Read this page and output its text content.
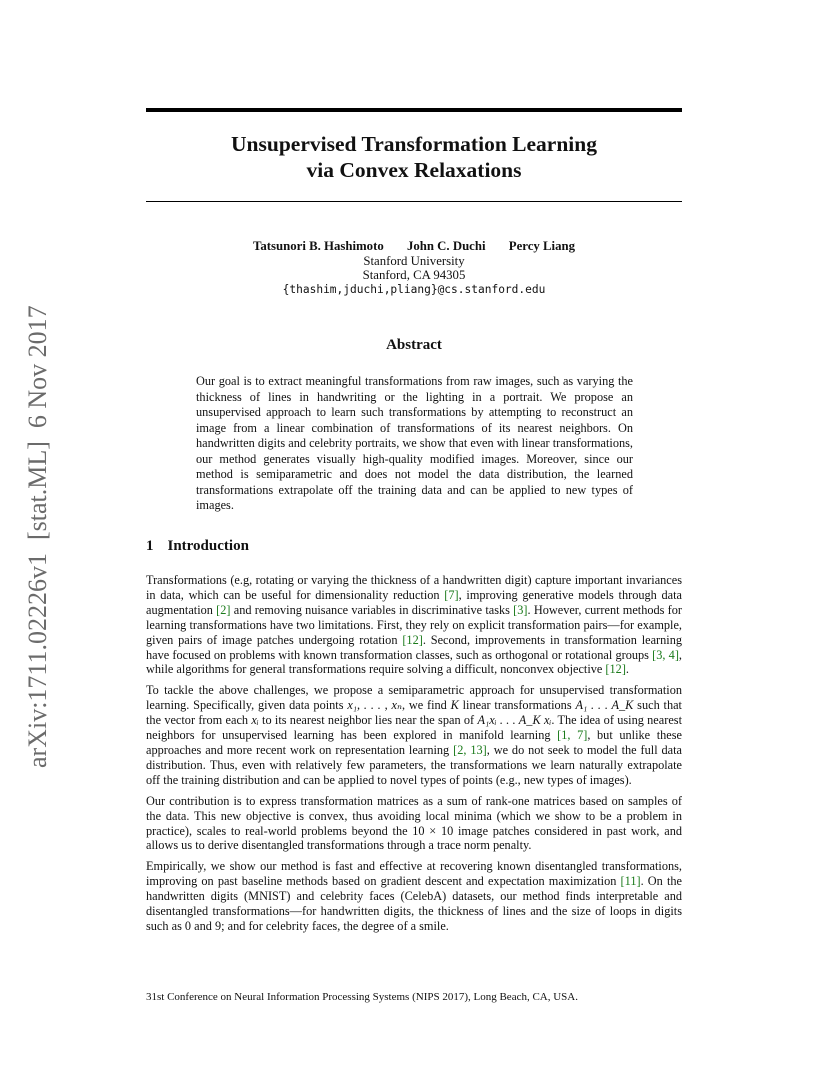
arXiv:1711.02226v1  [stat.ML]  6 Nov 2017
Unsupervised Transformation Learning
via Convex Relaxations
Tatsunori B. Hashimoto John C. Duchi Percy Liang
Stanford University
Stanford, CA 94305
{thashim,jduchi,pliang}@cs.stanford.edu
Abstract
Our goal is to extract meaningful transformations from raw images, such as varying the thickness of lines in handwriting or the lighting in a portrait. We propose an unsupervised approach to learn such transformations by attempting to reconstruct an image from a linear combination of transformations of its nearest neighbors. On handwritten digits and celebrity portraits, we show that even with linear transformations, our method generates visually high-quality modified images. Moreover, since our method is semiparametric and does not model the data distribution, the learned transformations extrapolate off the training data and can be applied to new types of images.
1 Introduction

Transformations (e.g, rotating or varying the thickness of a handwritten digit) capture important invariances in data, which can be useful for dimensionality reduction [7], improving generative models through data augmentation [2] and removing nuisance variables in discriminative tasks [3]. However, current methods for learning transformations have two limitations. First, they rely on explicit transformation pairs—for example, given pairs of image patches undergoing rotation [12]. Second, improvements in transformation learning have focused on problems with known transformation classes, such as orthogonal or rotational groups [3, 4], while algorithms for general transformations require solving a difficult, nonconvex objective [12].

To tackle the above challenges, we propose a semiparametric approach for unsupervised transformation learning. Specifically, given data points x₁, . . . , xₙ, we find K linear transformations A₁ . . . A_K such that the vector from each xᵢ to its nearest neighbor lies near the span of A₁xᵢ . . . A_K xᵢ. The idea of using nearest neighbors for unsupervised learning has been explored in manifold learning [1, 7], but unlike these approaches and more recent work on representation learning [2, 13], we do not seek to model the full data distribution. Thus, even with relatively few parameters, the transformations we learn naturally extrapolate off the training distribution and can be applied to novel types of points (e.g., new types of images).

Our contribution is to express transformation matrices as a sum of rank-one matrices based on samples of the data. This new objective is convex, thus avoiding local minima (which we show to be a problem in practice), scales to real-world problems beyond the 10 × 10 image patches considered in past work, and allows us to derive disentangled transformations through a trace norm penalty.

Empirically, we show our method is fast and effective at recovering known disentangled transformations, improving on past baseline methods based on gradient descent and expectation maximization [11]. On the handwritten digits (MNIST) and celebrity faces (CelebA) datasets, our method finds interpretable and disentangled transformations—for handwritten digits, the thickness of lines and the size of loops in digits such as 0 and 9; and for celebrity faces, the degree of a smile.

31st Conference on Neural Information Processing Systems (NIPS 2017), Long Beach, CA, USA.
